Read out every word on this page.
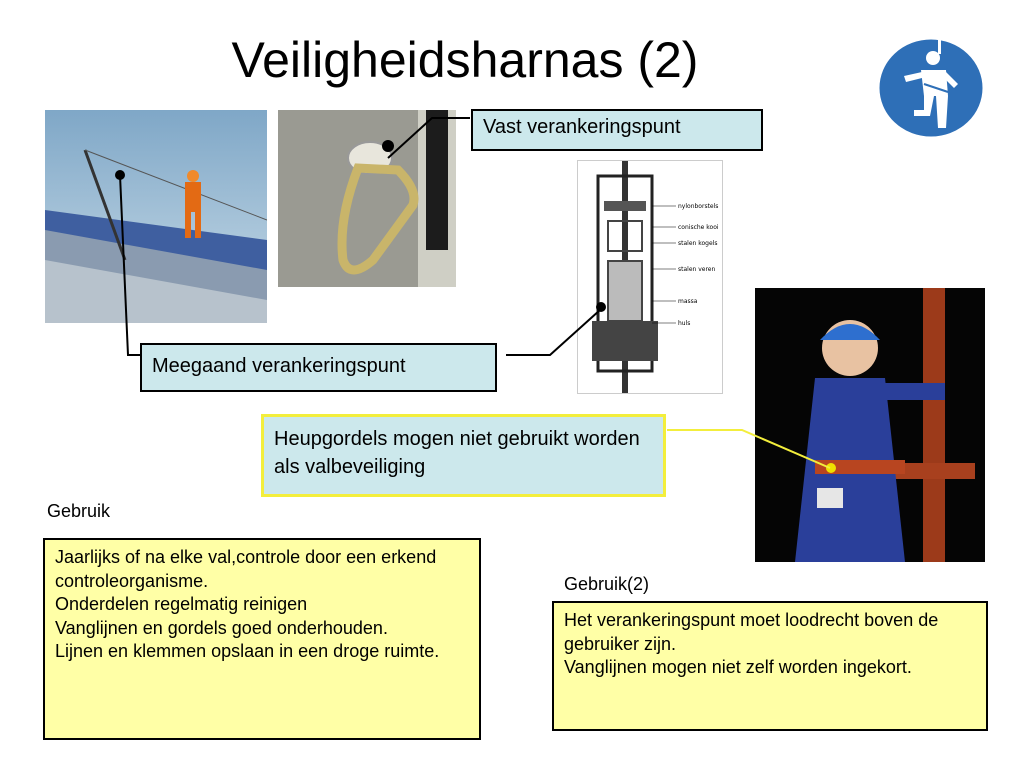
Veiligheidsharnas (2)
nylonborstels
conische kooi
stalen kogels
stalen veren
massa
huls
Vast verankeringspunt
Meegaand verankeringspunt
Heupgordels mogen niet gebruikt worden als valbeveiliging
Gebruik
Jaarlijks of na elke val,controle door een erkend controleorganisme.
Onderdelen regelmatig reinigen
Vanglijnen en gordels goed onderhouden.
Lijnen en klemmen opslaan in een droge ruimte.
Gebruik(2)
Het verankeringspunt moet loodrecht boven de gebruiker zijn.
Vanglijnen mogen niet zelf worden ingekort.
